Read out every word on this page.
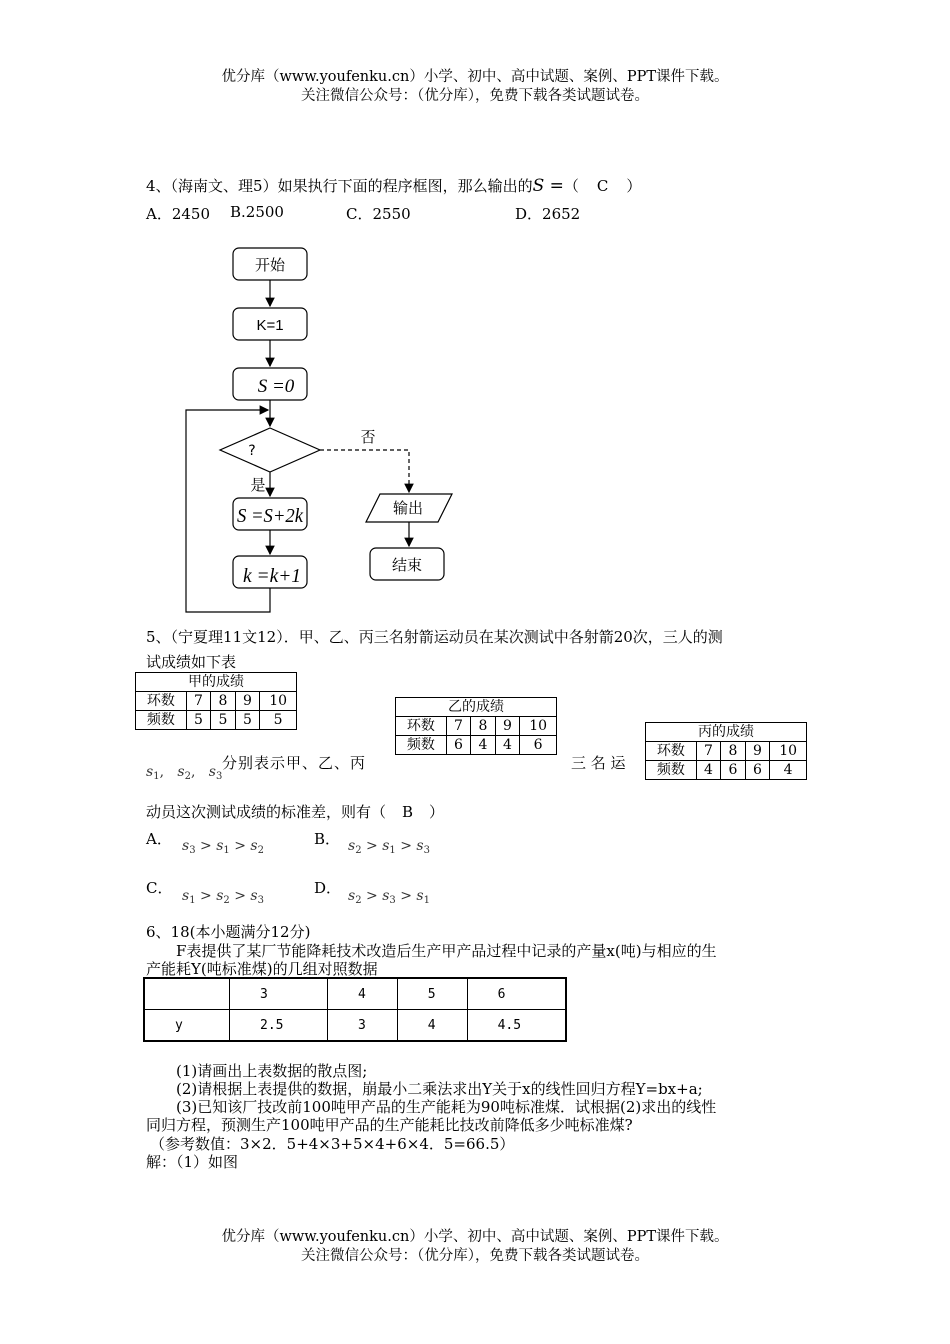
优分库（www.youfenku.cn）小学、初中、高中试题、案例、PPT课件下载。
关注微信公众号：（优分库），免费下载各类试题试卷。
4、（海南文、理5）如果执行下面的程序框图，那么输出的S =（ C ）
A．2450 B.2500	C．2550	D．2652
开始
K=1
S =0
?
否
是
S =S+2k
k =k+1
输出
结束
5、（宁夏理11文12）．甲、乙、丙三名射箭运动员在某次测试中各射箭20次，三人的测
试成绩如下表
甲的成绩				
环数	7	8	9	10
频数	5	5	5	5
乙的成绩				
环数	7	8	9	10
频数	6	4	4	6
丙的成绩				
环数	7	8	9	10
频数	4	6	6	4
$s_1$,   $s_2$,   $s_3$
分别表示甲、乙、丙	三 名 运
动员这次测试成绩的标准差，则有（ B ）
A． $s_3 > s_1 > s_2$
B． $s_2 > s_1 > s_3$
C． $s_1 > s_2 > s_3$
D． $s_2 > s_3 > s_1$
6、18(本小题满分12分)
F表提供了某厂节能降耗技术改造后生产甲产品过程中记录的产量x(吨)与相应的生
产能耗Y(吨标准煤)的几组对照数据
	3	4	5	6
y	2.5	3	4	4.5
(1)请画出上表数据的散点图;
(2)请根据上表提供的数据，崩最小二乘法求出Y关于x的线性回归方程Y=bx+a;
(3)已知该厂技改前100吨甲产品的生产能耗为90吨标准煤．试根据(2)求出的线性
同归方程，预测生产100吨甲产品的生产能耗比技改前降低多少吨标准煤?
（参考数值：3×2．5+4×3+5×4+6×4．5=66.5）
解：（1）如图
优分库（www.youfenku.cn）小学、初中、高中试题、案例、PPT课件下载。
关注微信公众号：（优分库），免费下载各类试题试卷。
